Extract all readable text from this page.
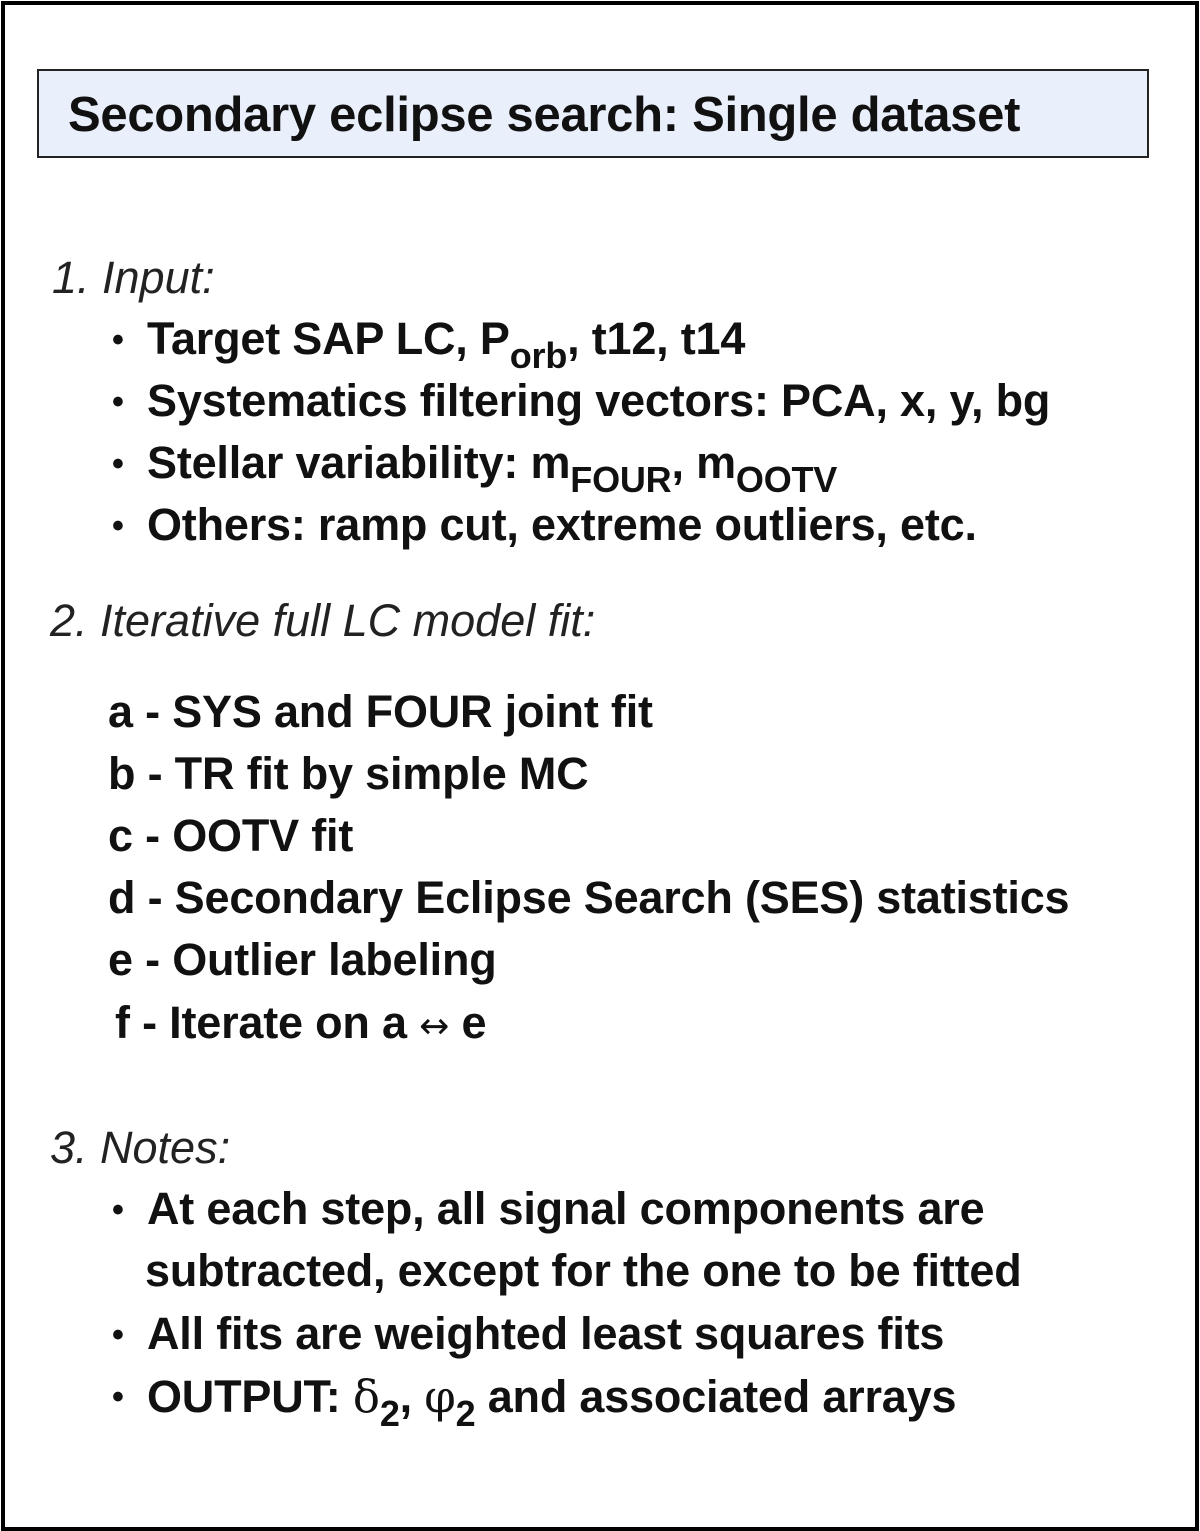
Secondary eclipse search: Single dataset
1. Input:
• Target SAP LC, $P_{orb}$, t12, t14
• Systematics filtering vectors: PCA, x, y, bg
• Stellar variability: $m_{FOUR}$, $m_{OOTV}$
• Others: ramp cut, extreme outliers, etc.
2. Iterative full LC model fit:
a - SYS and FOUR joint fit
b - TR fit by simple MC
c - OOTV fit
d - Secondary Eclipse Search (SES) statistics
e - Outlier labeling
f - Iterate on a ↔ e
3. Notes:
• At each step, all signal components are
subtracted, except for the one to be fitted
• All fits are weighted least squares fits
• OUTPUT: $\delta_2$, $\varphi_2$ and associated arrays
